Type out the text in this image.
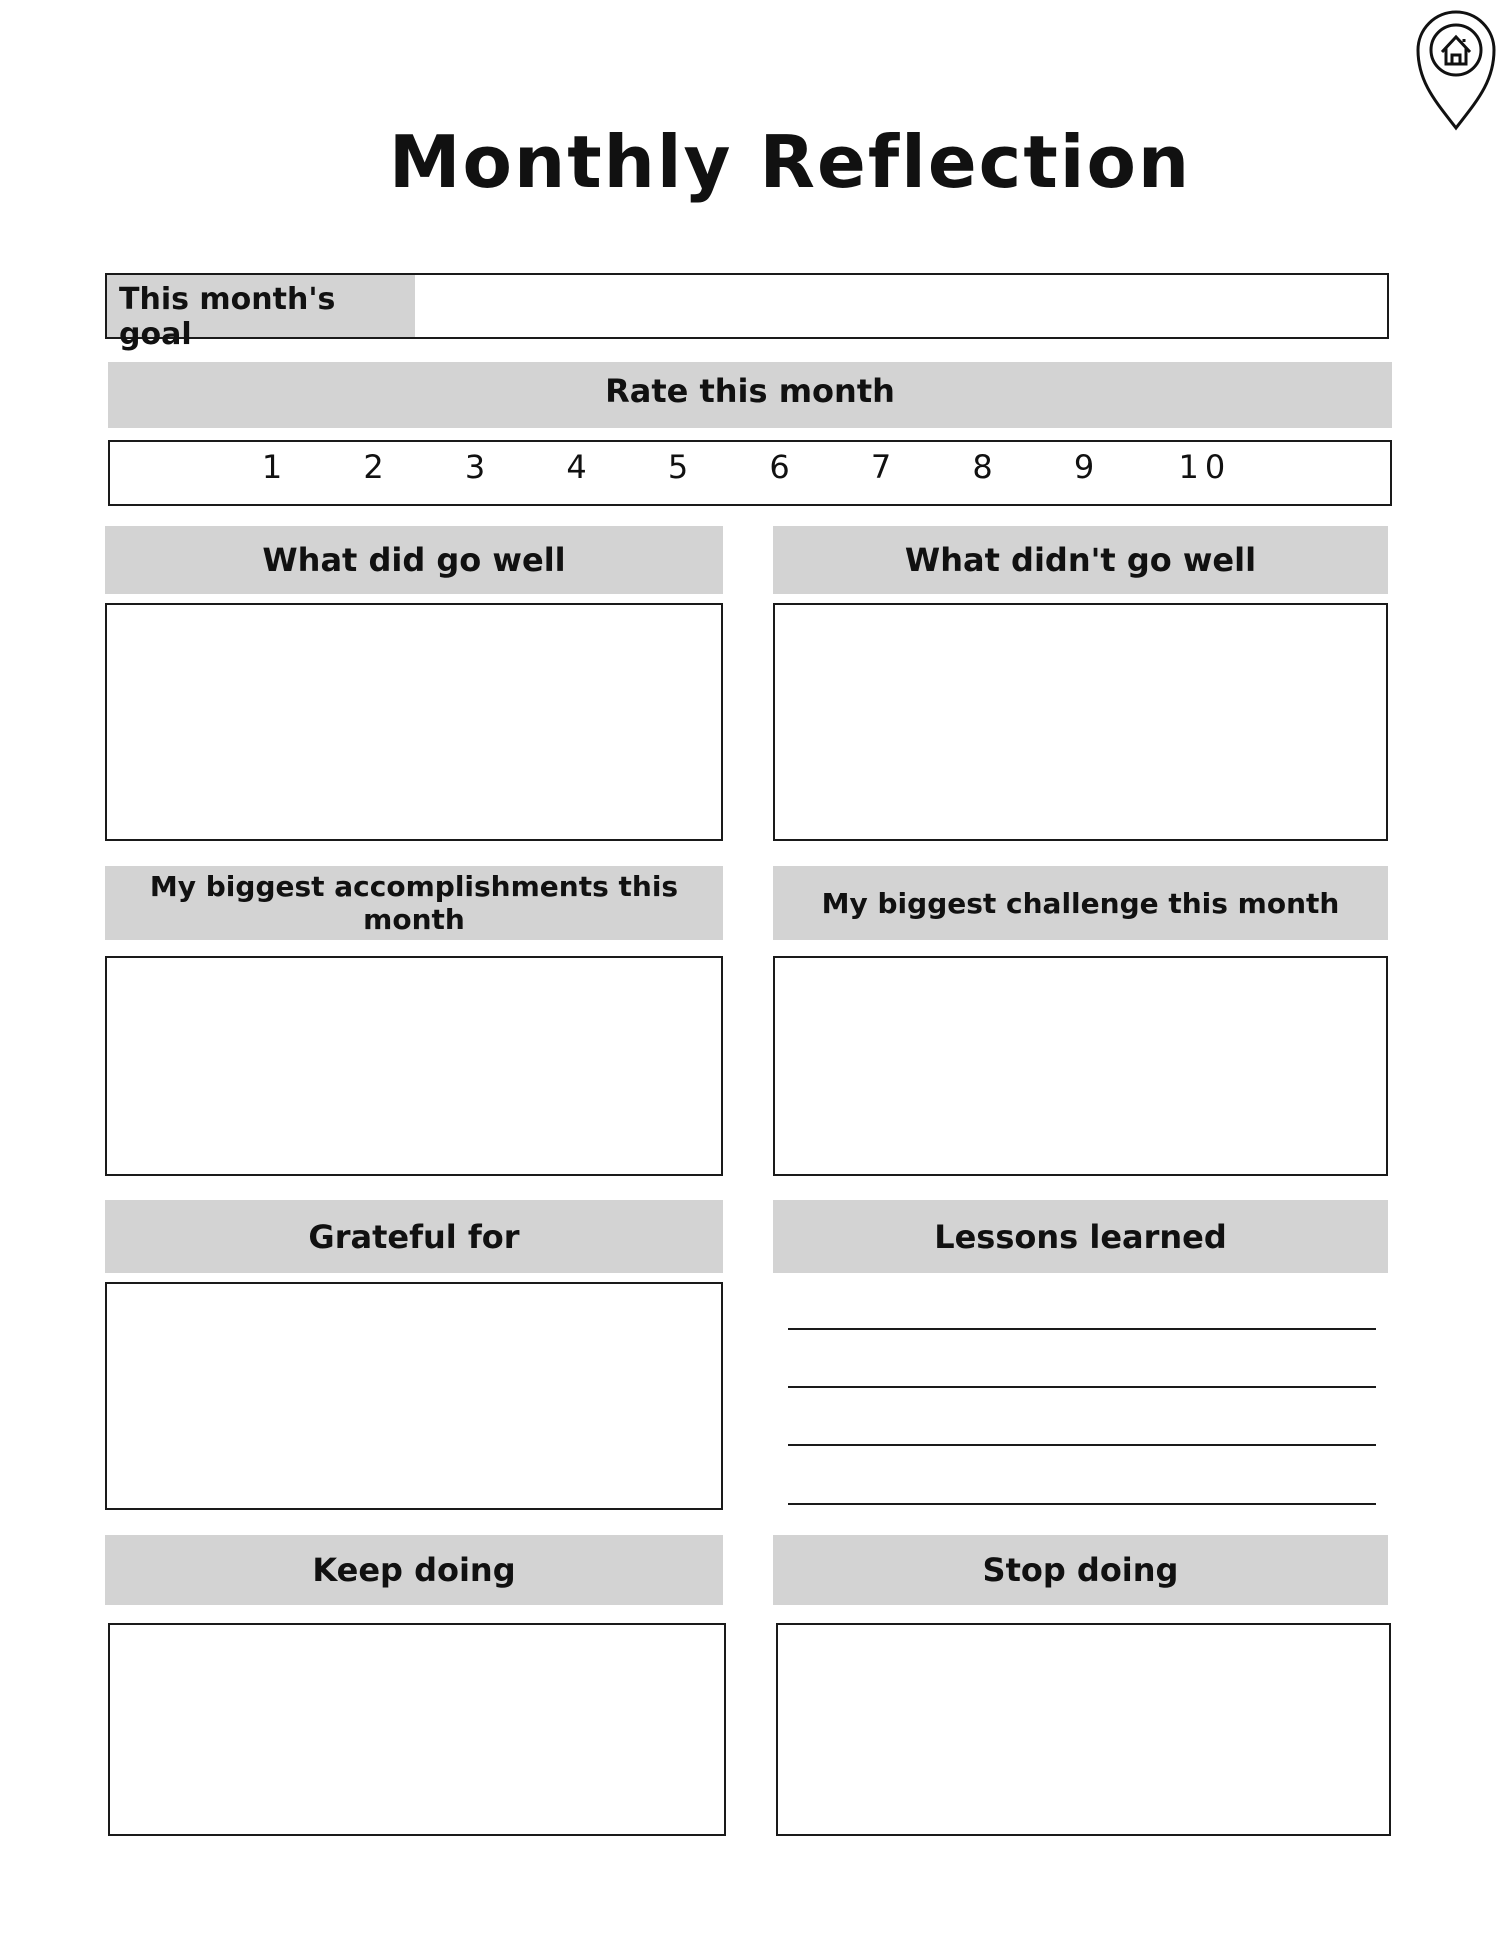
Monthly Reflection
This month's goal
Rate this month
1 2 3 4 5 6 7 8 9 10
What did go well	What didn't go well
My biggest accomplishments this month	My biggest challenge this month
Grateful for	Lessons learned
Keep doing	Stop doing
